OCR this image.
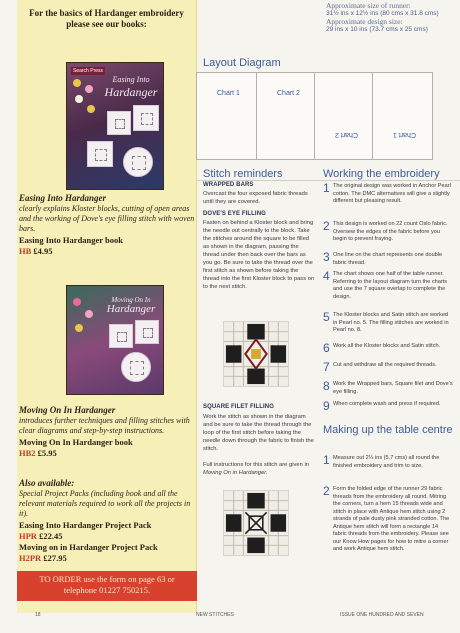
For the basics of Hardanger embroidery please see our books:
Search Press
Easing Into
Hardanger
Easing Into Hardanger
clearly explains Kloster blocks, cutting of open areas and the working of Dove's eye filling stitch with woven bars.
Easing Into Hardanger book
HB £4.95
Moving On In
Hardanger
Moving On In Hardanger
introduces further techniques and filling stitches with clear diagrams and step-by-step instructions.
Moving On In Hardanger book
HB2 £5.95
Also available:
Special Project Packs (including book and all the relevant materials required to work all the projects in it).
Easing Into Hardanger Project Pack
HPR £22.45
Moving on in Hardanger Project Pack
H2PR £27.95
TO ORDER use the form on page 63 or telephone 01227 750215.
Approximate size of runner:
31½ ins x 12½ ins (80 cms x 31.8 cms)
Approximate design size:
29 ins x 10 ins (73.7 cms x 25 cms)
Layout Diagram
Chart 1	Chart 2
Chart 2	Chart 1
Stitch reminders
WRAPPED BARS
Overcast the four exposed fabric threads until they are covered.
DOVE'S EYE FILLING
Fasten on behind a Kloster block and bring the needle out centrally to the block. Take the stitches around the square to be filled as shown in the diagram, passing the thread under then back over the bars as you go. Be sure to take the thread over the first stitch as shown before taking the thread into the first Kloster block to pass on to the next stitch.
SQUARE FILET FILLING
Work the stitch as shown in the diagram and be sure to take the thread through the loop of the first stitch before taking the needle down through the fabric to finish the stitch.
Full instructions for this stitch are given in Moving On in Hardanger.
Working the embroidery
1 The original design was worked in Anchor Pearl cotton. The DMC alternatives will give a slightly different but pleasing result.
2 This design is worked on 22 count Oslo fabric. Oversew the edges of the fabric before you begin to prevent fraying.
3 One line on the chart represents one double fabric thread.
4 The chart shows one half of the table runner. Referring to the layout diagram turn the charts and use the 7 square overlap to complete the design.
5 The Kloster blocks and Satin stitch are worked in Pearl no. 5. The filling stitches are worked in Pearl no. 8.
6 Work all the Kloster blocks and Satin stitch.
7 Cut and withdraw all the required threads.
8 Work the Wrapped bars, Square filet and Dove's eye filling.
9 When complete wash and press if required.
Making up the table centre
1 Measure out 2¼ ins (5.7 cms) all round the finished embroidery and trim to size.
2 Form the folded edge of the runner 29 fabric threads from the embroidery all round. Mitring the corners, turn a hem 15 threads wide and stitch in place with Antique hem stitch using 2 strands of pale dusty pink stranded cotton. The Antique hem stitch will form a rectangle 14 fabric threads from the embroidery. Please see our Know How pages for how to mitre a corner and work Antique hem stitch.
18	NEW STITCHES	ISSUE ONE HUNDRED AND SEVEN
